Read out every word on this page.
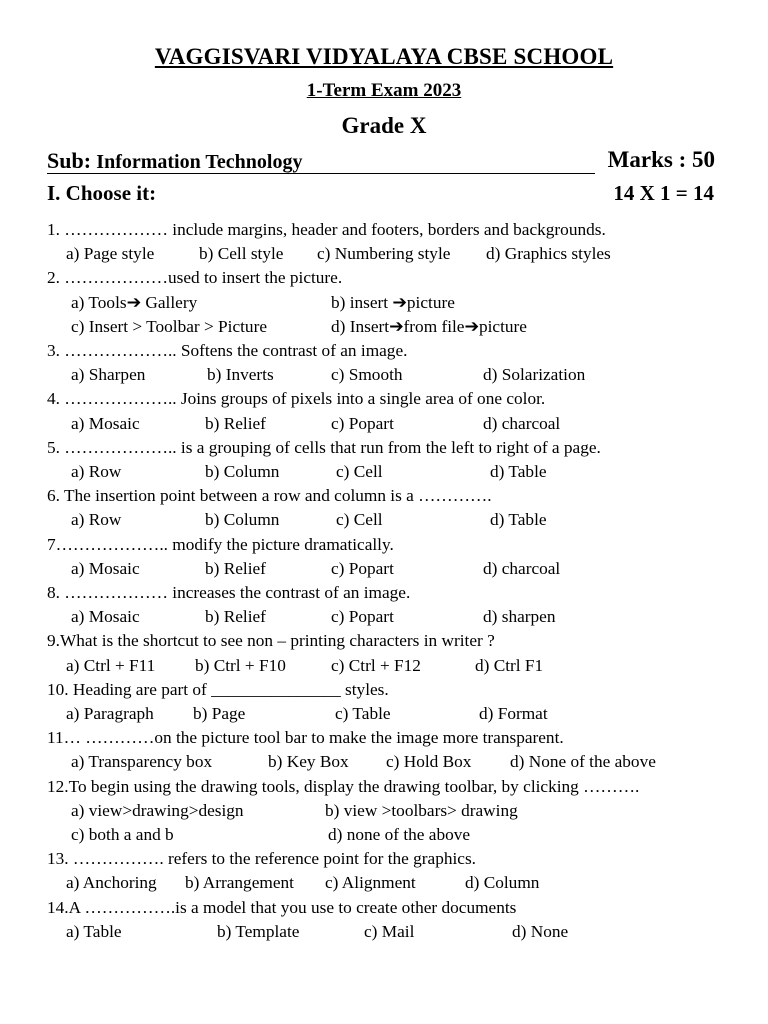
VAGGISVARI VIDYALAYA CBSE SCHOOL
1-Term Exam 2023
Grade X
Sub: Information Technology	Marks : 50
I. Choose it:	14 X 1 = 14
1. ……………… include margins, header and footers, borders and backgrounds.
a) Page style	b) Cell style c) Numbering style d) Graphics styles
2. ………………used to insert the picture.
a) Tools➔ Gallery	b) insert ➔picture
c) Insert > Toolbar > Picture	d) Insert➔from file➔picture
3. ……………….. Softens the contrast of an image.
a) Sharpen	b) Inverts	c) Smooth	d) Solarization
4. ……………….. Joins groups of pixels into a single area of one color.
a) Mosaic	b) Relief	c) Popart	d) charcoal
5. ……………….. is a grouping of cells that run from the left to right of a page.
a) Row	b) Column	c) Cell	d) Table
6. The insertion point between a row and column is a ………….
a) Row	b) Column	c) Cell	d) Table
7……………….. modify the picture dramatically.
a) Mosaic	b) Relief	c) Popart	d) charcoal
8. ……………… increases the contrast of an image.
a) Mosaic	b) Relief	c) Popart	d) sharpen
9.What is the shortcut to see non – printing characters in writer ?
a) Ctrl + F11 b) Ctrl + F10	c) Ctrl + F12	d) Ctrl F1
10. Heading are part of _______________ styles.
a) Paragraph b) Page	c) Table	d) Format
11… …………on the picture tool bar to make the image more transparent.
a) Transparency box	b) Key Box c) Hold Box d) None of the above
12.To begin using the drawing tools, display the drawing toolbar, by clicking ……….
a) view>drawing>design	b) view >toolbars> drawing
c) both a and b	d) none of the above
13. ……………. refers to the reference point for the graphics.
a) Anchoring b) Arrangement c) Alignment	d) Column
14.A …………….is a model that you use to create other documents
a) Table	b) Template	c) Mail	d) None
